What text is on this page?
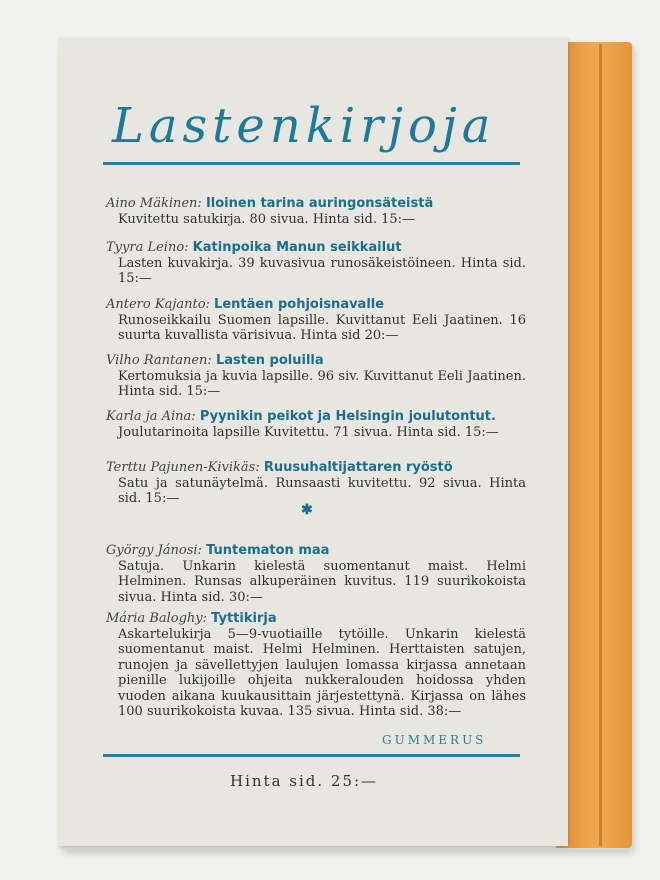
Lastenkirjoja
Aino Mäkinen: Iloinen tarina auringonsäteistä
Kuvitettu satukirja. 80 sivua. Hinta sid. 15:—
Tyyra Leino: Katinpoika Manun seikkailut
Lasten kuvakirja. 39 kuvasivua runosäkeistöineen. Hinta sid. 15:—
Antero Kajanto: Lentäen pohjoisnavalle
Runoseikkailu Suomen lapsille. Kuvittanut Eeli Jaatinen. 16 suurta kuvallista värisivua. Hinta sid 20:—
Vilho Rantanen: Lasten poluilla
Kertomuksia ja kuvia lapsille. 96 siv. Kuvittanut Eeli Jaatinen. Hinta sid. 15:—
Karla ja Aina: Pyynikin peikot ja Helsingin joulutontut.
Joulutarinoita lapsille Kuvitettu. 71 sivua. Hinta sid. 15:—
Terttu Pajunen-Kivikäs: Ruusuhaltijattaren ryöstö
Satu ja satunäytelmä. Runsaasti kuvitettu. 92 sivua. Hinta sid. 15:—
✱
György Jánosi: Tuntematon maa
Satuja. Unkarin kielestä suomentanut maist. Helmi Helminen. Runsas alkuperäinen kuvitus. 119 suurikokoista sivua. Hinta sid. 30:—
Mária Baloghy: Tyttikirja
Askartelukirja 5—9-vuotiaille tytöille. Unkarin kielestä suomentanut maist. Helmi Helminen. Herttaisten satujen, runojen ja sävellettyjen laulujen lomassa kirjassa annetaan pienille lukijoille ohjeita nukkeralouden hoidossa yhden vuoden aikana kuukausittain järjestettynä. Kirjassa on lähes 100 suurikokoista kuvaa. 135 sivua. Hinta sid. 38:—
GUMMERUS
Hinta sid. 25:—
